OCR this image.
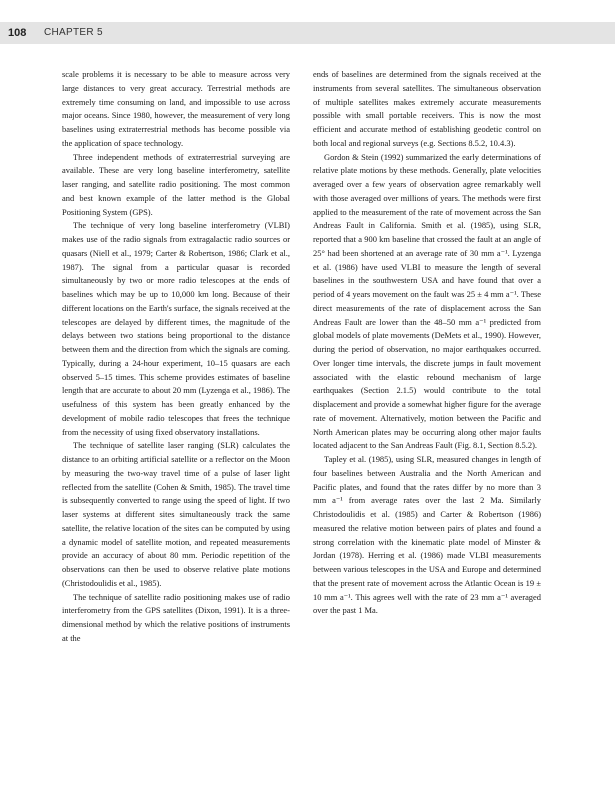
108 CHAPTER 5

scale problems it is necessary to be able to measure across very large distances to very great accuracy. Terrestrial methods are extremely time consuming on land, and impossible to use across major oceans. Since 1980, however, the measurement of very long baselines using extraterrestrial methods has become possible via the application of space technology.

Three independent methods of extraterrestrial surveying are available. These are very long baseline interferometry, satellite laser ranging, and satellite radio positioning. The most common and best known example of the latter method is the Global Positioning System (GPS).

The technique of very long baseline interferometry (VLBI) makes use of the radio signals from extragalactic radio sources or quasars (Niell et al., 1979; Carter & Robertson, 1986; Clark et al., 1987). The signal from a particular quasar is recorded simultaneously by two or more radio telescopes at the ends of baselines which may be up to 10,000 km long. Because of their different locations on the Earth's surface, the signals received at the telescopes are delayed by different times, the magnitude of the delays between two stations being proportional to the distance between them and the direction from which the signals are coming. Typically, during a 24-hour experiment, 10–15 quasars are each observed 5–15 times. This scheme provides estimates of baseline length that are accurate to about 20 mm (Lyzenga et al., 1986). The usefulness of this system has been greatly enhanced by the development of mobile radio telescopes that frees the technique from the necessity of using fixed observatory installations.

The technique of satellite laser ranging (SLR) calculates the distance to an orbiting artificial satellite or a reflector on the Moon by measuring the two-way travel time of a pulse of laser light reflected from the satellite (Cohen & Smith, 1985). The travel time is subsequently converted to range using the speed of light. If two laser systems at different sites simultaneously track the same satellite, the relative location of the sites can be computed by using a dynamic model of satellite motion, and repeated measurements provide an accuracy of about 80 mm. Periodic repetition of the observations can then be used to observe relative plate motions (Christodoulidis et al., 1985).

The technique of satellite radio positioning makes use of radio interferometry from the GPS satellites (Dixon, 1991). It is a three-dimensional method by which the relative positions of instruments at the

ends of baselines are determined from the signals received at the instruments from several satellites. The simultaneous observation of multiple satellites makes extremely accurate measurements possible with small portable receivers. This is now the most efficient and accurate method of establishing geodetic control on both local and regional surveys (e.g. Sections 8.5.2, 10.4.3).

Gordon & Stein (1992) summarized the early determinations of relative plate motions by these methods. Generally, plate velocities averaged over a few years of observation agree remarkably well with those averaged over millions of years. The methods were first applied to the measurement of the rate of movement across the San Andreas Fault in California. Smith et al. (1985), using SLR, reported that a 900 km baseline that crossed the fault at an angle of 25° had been shortened at an average rate of 30 mm a⁻¹. Lyzenga et al. (1986) have used VLBI to measure the length of several baselines in the southwestern USA and have found that over a period of 4 years movement on the fault was 25 ± 4 mm a⁻¹. These direct measurements of the rate of displacement across the San Andreas Fault are lower than the 48–50 mm a⁻¹ predicted from global models of plate movements (DeMets et al., 1990). However, during the period of observation, no major earthquakes occurred. Over longer time intervals, the discrete jumps in fault movement associated with the elastic rebound mechanism of large earthquakes (Section 2.1.5) would contribute to the total displacement and provide a somewhat higher figure for the average rate of movement. Alternatively, motion between the Pacific and North American plates may be occurring along other major faults located adjacent to the San Andreas Fault (Fig. 8.1, Section 8.5.2).

Tapley et al. (1985), using SLR, measured changes in length of four baselines between Australia and the North American and Pacific plates, and found that the rates differ by no more than 3 mm a⁻¹ from average rates over the last 2 Ma. Similarly Christodoulidis et al. (1985) and Carter & Robertson (1986) measured the relative motion between pairs of plates and found a strong correlation with the kinematic plate model of Minster & Jordan (1978). Herring et al. (1986) made VLBI measurements between various telescopes in the USA and Europe and determined that the present rate of movement across the Atlantic Ocean is 19 ± 10 mm a⁻¹. This agrees well with the rate of 23 mm a⁻¹ averaged over the past 1 Ma.
